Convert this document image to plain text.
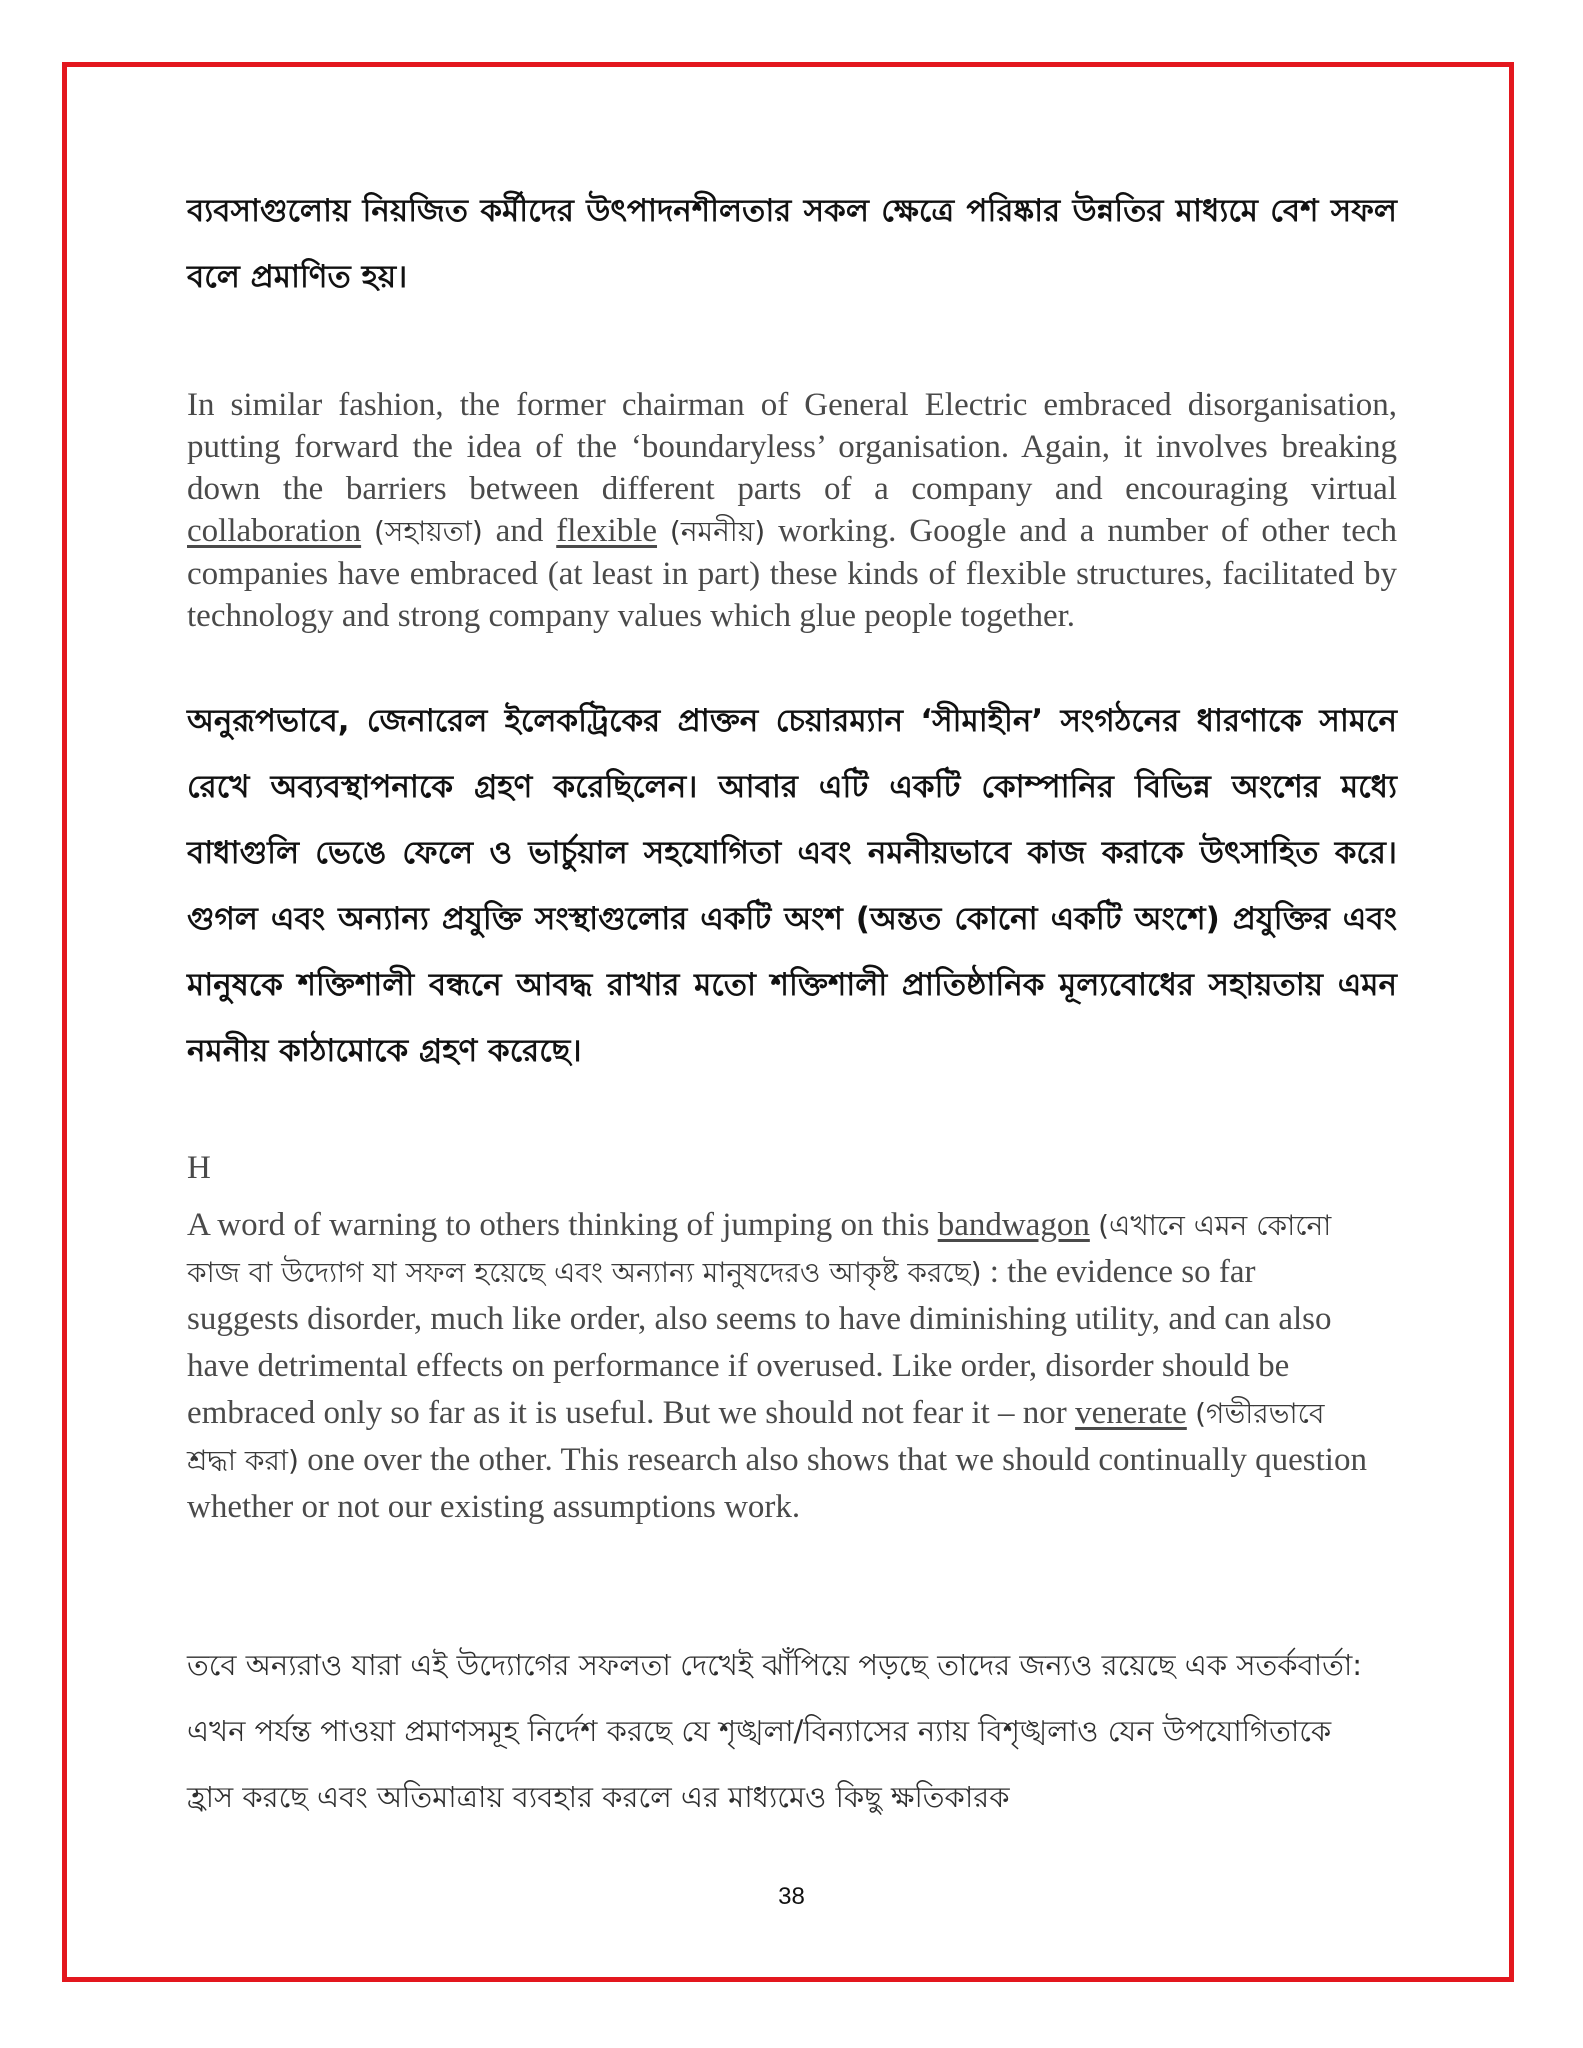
ব্যবসাগুলোয় নিয়জিত কর্মীদের উৎপাদনশীলতার সকল ক্ষেত্রে পরিষ্কার উন্নতির মাধ্যমে বেশ সফল বলে প্রমাণিত হয়।

In similar fashion, the former chairman of General Electric embraced disorganisation, putting forward the idea of the ‘boundaryless’ organisation. Again, it involves breaking down the barriers between different parts of a company and encouraging virtual collaboration (সহায়তা) and flexible (নমনীয়) working. Google and a number of other tech companies have embraced (at least in part) these kinds of flexible structures, facilitated by technology and strong company values which glue people together.

অনুরূপভাবে, জেনারেল ইলেকট্রিকের প্রাক্তন চেয়ারম্যান ‘সীমাহীন’ সংগঠনের ধারণাকে সামনে রেখে অব্যবস্থাপনাকে গ্রহণ করেছিলেন। আবার এটি একটি কোম্পানির বিভিন্ন অংশের মধ্যে বাধাগুলি ভেঙে ফেলে ও ভার্চুয়াল সহযোগিতা এবং নমনীয়ভাবে কাজ করাকে উৎসাহিত করে। গুগল এবং অন্যান্য প্রযুক্তি সংস্থাগুলোর একটি অংশ (অন্তত কোনো একটি অংশে) প্রযুক্তির এবং মানুষকে শক্তিশালী বন্ধনে আবদ্ধ রাখার মতো শক্তিশালী প্রাতিষ্ঠানিক মূল্যবোধের সহায়তায় এমন নমনীয় কাঠামোকে গ্রহণ করেছে।

H

A word of warning to others thinking of jumping on this bandwagon (এখানে এমন কোনো কাজ বা উদ্যোগ যা সফল হয়েছে এবং অন্যান্য মানুষদেরও আকৃষ্ট করছে) : the evidence so far suggests disorder, much like order, also seems to have diminishing utility, and can also have detrimental effects on performance if overused. Like order, disorder should be embraced only so far as it is useful. But we should not fear it – nor venerate (গভীরভাবে শ্রদ্ধা করা) one over the other. This research also shows that we should continually question whether or not our existing assumptions work.

তবে অন্যরাও যারা এই উদ্যোগের সফলতা দেখেই ঝাঁপিয়ে পড়ছে তাদের জন্যও রয়েছে এক সতর্কবার্তা: এখন পর্যন্ত পাওয়া প্রমাণসমূহ নির্দেশ করছে যে শৃঙ্খলা/বিন্যাসের ন্যায় বিশৃঙ্খলাও যেন উপযোগিতাকে হ্রাস করছে এবং অতিমাত্রায় ব্যবহার করলে এর মাধ্যমেও কিছু ক্ষতিকারক

38
